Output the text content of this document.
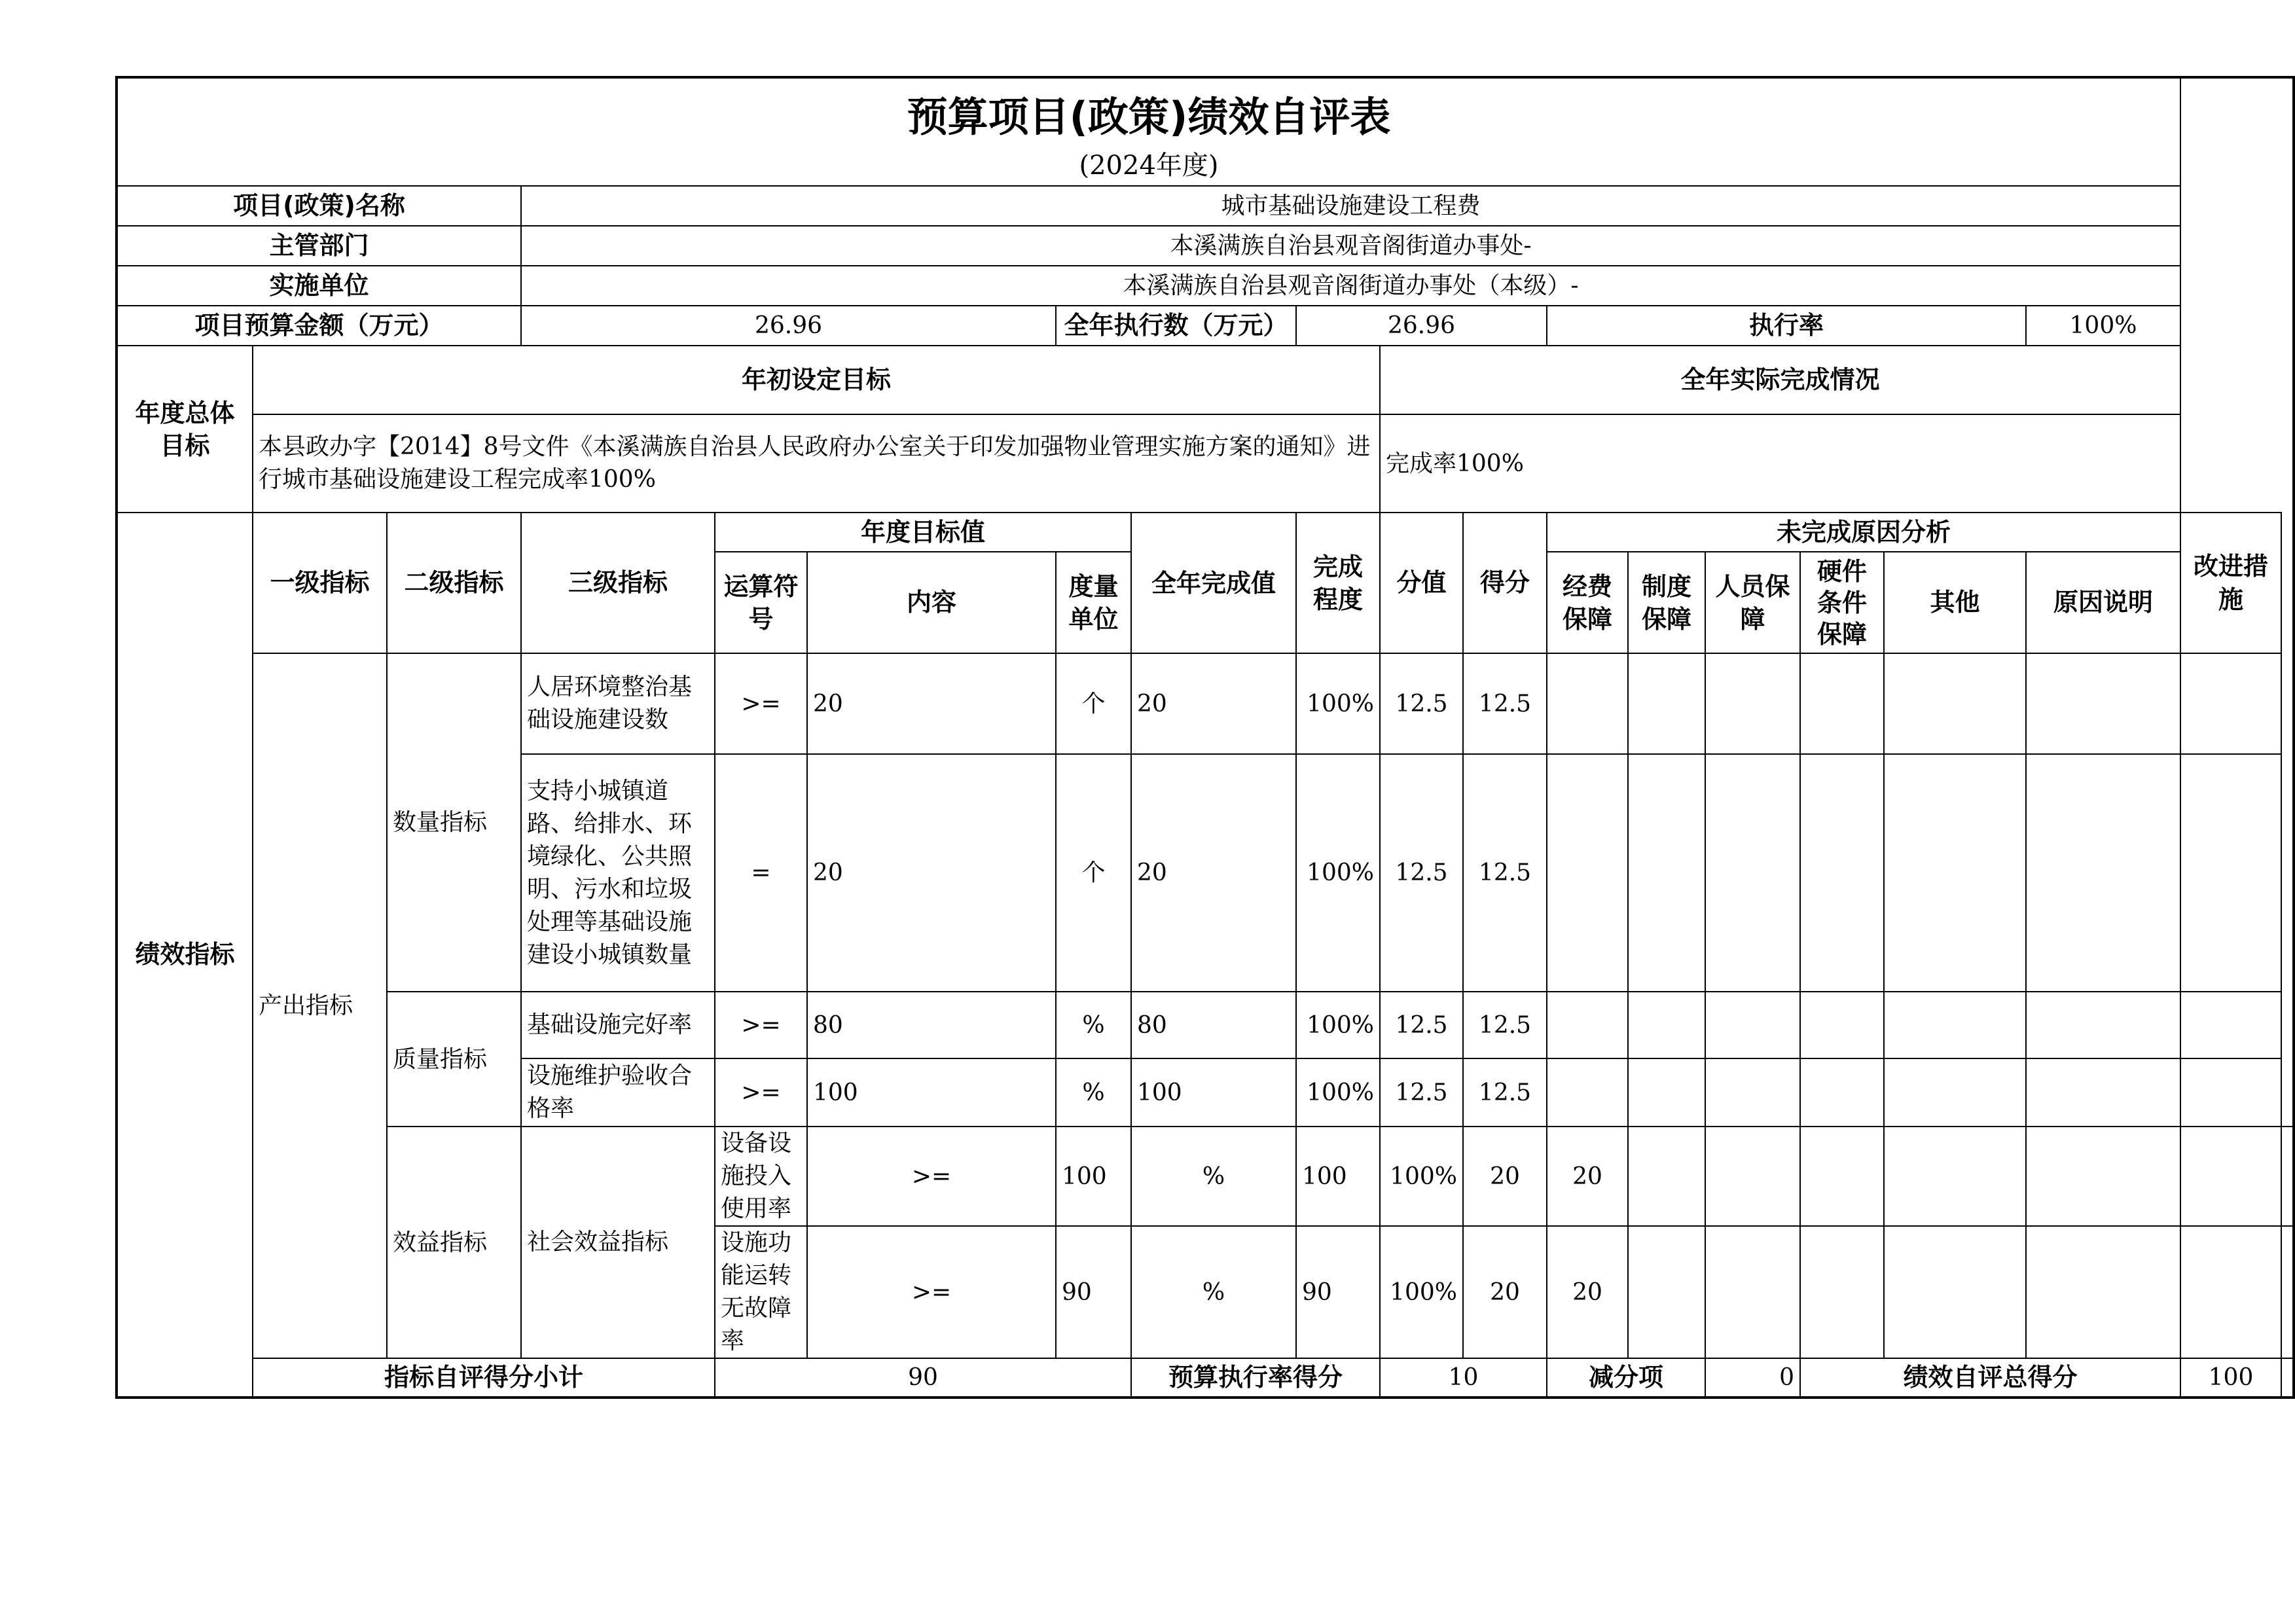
预算项目(政策)绩效自评表																		
(2024年度)																		
项目(政策)名称			城市基础设施建设工程费															
主管部门			本溪满族自治县观音阁街道办事处-															
实施单位			本溪满族自治县观音阁街道办事处（本级）-															
项目预算金额（万元）			26.96			全年执行数（万元）		26.96			执行率					100%		
年度总体目标	年初设定目标								全年实际完成情况									
	本县政办字【2014】8号文件《本溪满族自治县人民政府办公室关于印发加强物业管理实施方案的通知》进行城市基础设施建设工程完成率100%								完成率100%									
绩效指标	一级指标	二级指标	三级指标	年度目标值			全年完成值	完成程度	分值	得分	未完成原因分析						改进措施	
				运算符号	内容	度量单位					经费保障	制度保障	人员保障	硬件条件保障	其他	原因说明		
	产出指标	数量指标	人居环境整治基础设施建设数	>=	20	个	20	100%	12.5	12.5								
			支持小城镇道路、给排水、环境绿化、公共照明、污水和垃圾处理等基础设施建设小城镇数量	=	20	个	20	100%	12.5	12.5								
		质量指标	基础设施完好率	>=	80	%	80	100%	12.5	12.5								
			设施维护验收合格率	>=	100	%	100	100%	12.5	12.5								
		效益指标	社会效益指标	设备设施投入使用率	>=	100	%	100	100%	20	20							
				设施功能运转无故障率	>=	90	%	90	100%	20	20							
	指标自评得分小计			90			预算执行率得分		10		减分项		0	绩效自评总得分			100	
